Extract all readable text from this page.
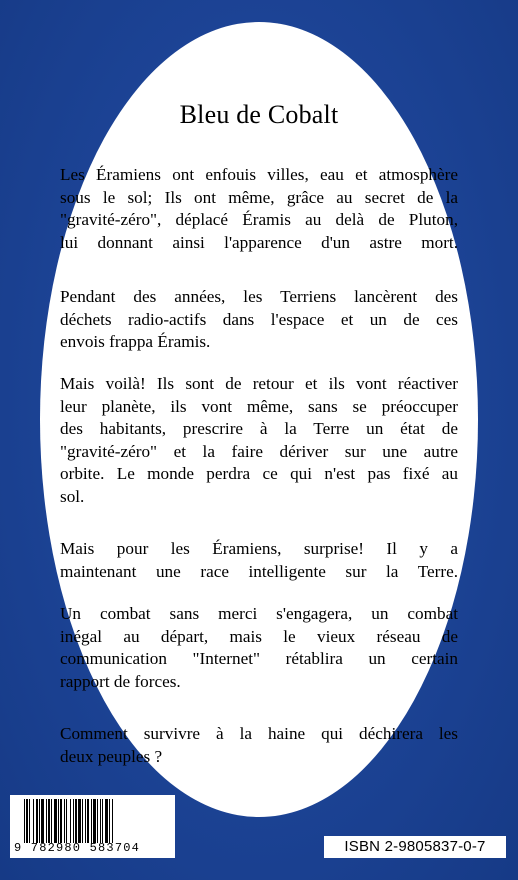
Bleu de Cobalt
Les Éramiens ont enfouis villes, eau et atmosphère
sous le sol; Ils ont même, grâce au secret de la
"gravité-zéro", déplacé Éramis au delà de Pluton,
lui donnant ainsi l'apparence d'un astre mort.
Pendant des années, les Terriens lancèrent des
déchets radio-actifs dans l'espace et un de ces
envois frappa Éramis.
Mais voilà! Ils sont de retour et ils vont réactiver
leur planète, ils vont même, sans se préoccuper
des habitants, prescrire à la Terre un état de
"gravité-zéro" et la faire dériver sur une autre
orbite. Le monde perdra ce qui n'est pas fixé au
sol.
Mais pour les Éramiens, surprise! Il y a
maintenant une race intelligente sur la Terre.
Un combat sans merci s'engagera, un combat
inégal au départ, mais le vieux réseau de
communication "Internet" rétablira un certain
rapport de forces.
Comment survivre à la haine qui déchirera les
deux peuples ?
9 782980 583704	ISBN 2-9805837-0-7
